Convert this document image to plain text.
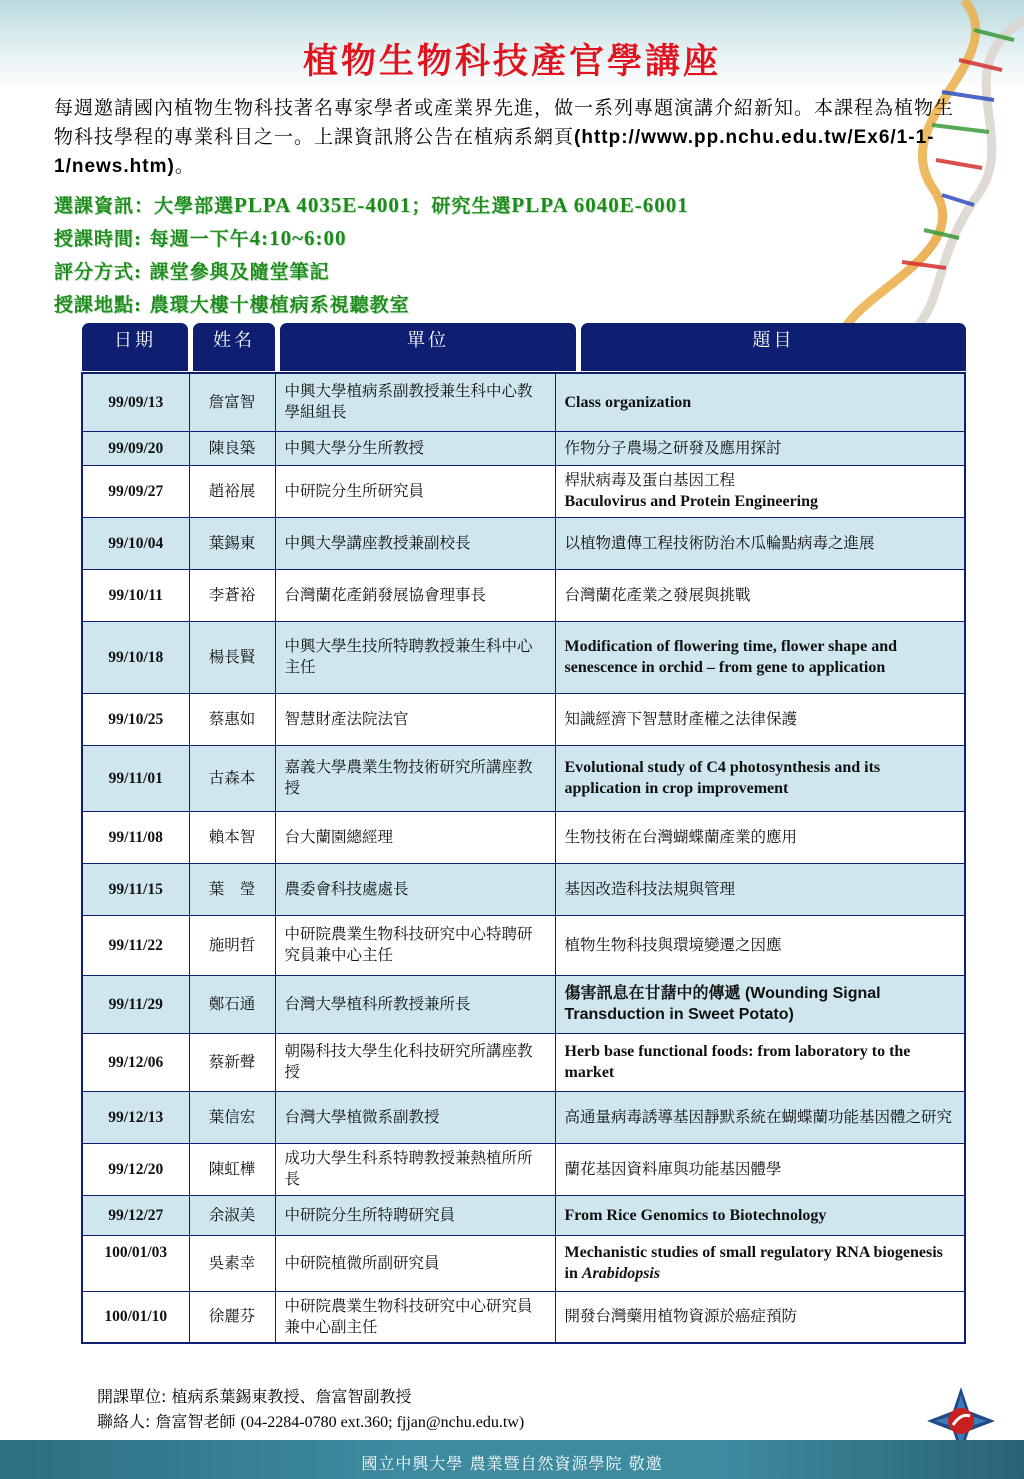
植物生物科技產官學講座
每週邀請國內植物生物科技著名專家學者或產業界先進，做一系列專題演講介紹新知。本課程為植物生物科技學程的專業科目之一。上課資訊將公告在植病系網頁(http://www.pp.nchu.edu.tw/Ex6/1-1-1/news.htm)。
選課資訊：大學部選PLPA 4035E-4001；研究生選PLPA 6040E-6001
授課時間: 每週一下午4:10~6:00
評分方式: 課堂參與及隨堂筆記
授課地點: 農環大樓十樓植病系視聽教室
日期	姓名	單位	題目
99/09/13	詹富智	中興大學植病系副教授兼生科中心教學組組長	Class organization
99/09/20	陳良築	中興大學分生所教授	作物分子農場之研發及應用探討
99/09/27	趙裕展	中研院分生所研究員	桿狀病毒及蛋白基因工程
Baculovirus and Protein Engineering
99/10/04	葉錫東	中興大學講座教授兼副校長	以植物遺傳工程技術防治木瓜輪點病毒之進展
99/10/11	李蒼裕	台灣蘭花產銷發展協會理事長	台灣蘭花產業之發展與挑戰
99/10/18	楊長賢	中興大學生技所特聘教授兼生科中心主任	Modification of flowering time, flower shape and senescence in orchid – from gene to application
99/10/25	蔡惠如	智慧財產法院法官	知識經濟下智慧財產權之法律保護
99/11/01	古森本	嘉義大學農業生物技術研究所講座教授	Evolutional study of C4 photosynthesis and its application in crop improvement
99/11/08	賴本智	台大蘭園總經理	生物技術在台灣蝴蝶蘭產業的應用
99/11/15	葉　瑩	農委會科技處處長	基因改造科技法規與管理
99/11/22	施明哲	中研院農業生物科技研究中心特聘研究員兼中心主任	植物生物科技與環境變遷之因應
99/11/29	鄭石通	台灣大學植科所教授兼所長	傷害訊息在甘藷中的傳遞 (Wounding Signal Transduction in Sweet Potato)
99/12/06	蔡新聲	朝陽科技大學生化科技研究所講座教授	Herb base functional foods: from laboratory to the market
99/12/13	葉信宏	台灣大學植微系副教授	高通量病毒誘導基因靜默系統在蝴蝶蘭功能基因體之研究
99/12/20	陳虹樺	成功大學生科系特聘教授兼熱植所所長	蘭花基因資料庫與功能基因體學
99/12/27	余淑美	中研院分生所特聘研究員	From Rice Genomics to Biotechnology
100/01/03	吳素幸	中研院植微所副研究員	Mechanistic studies of small regulatory RNA biogenesis in Arabidopsis
100/01/10	徐麗芬	中研院農業生物科技研究中心研究員兼中心副主任	開發台灣藥用植物資源於癌症預防
開課單位: 植病系葉錫東教授、詹富智副教授
聯絡人: 詹富智老師 (04-2284-0780 ext.360; fjjan@nchu.edu.tw)
國立中興大學 農業暨自然資源學院 敬邀
